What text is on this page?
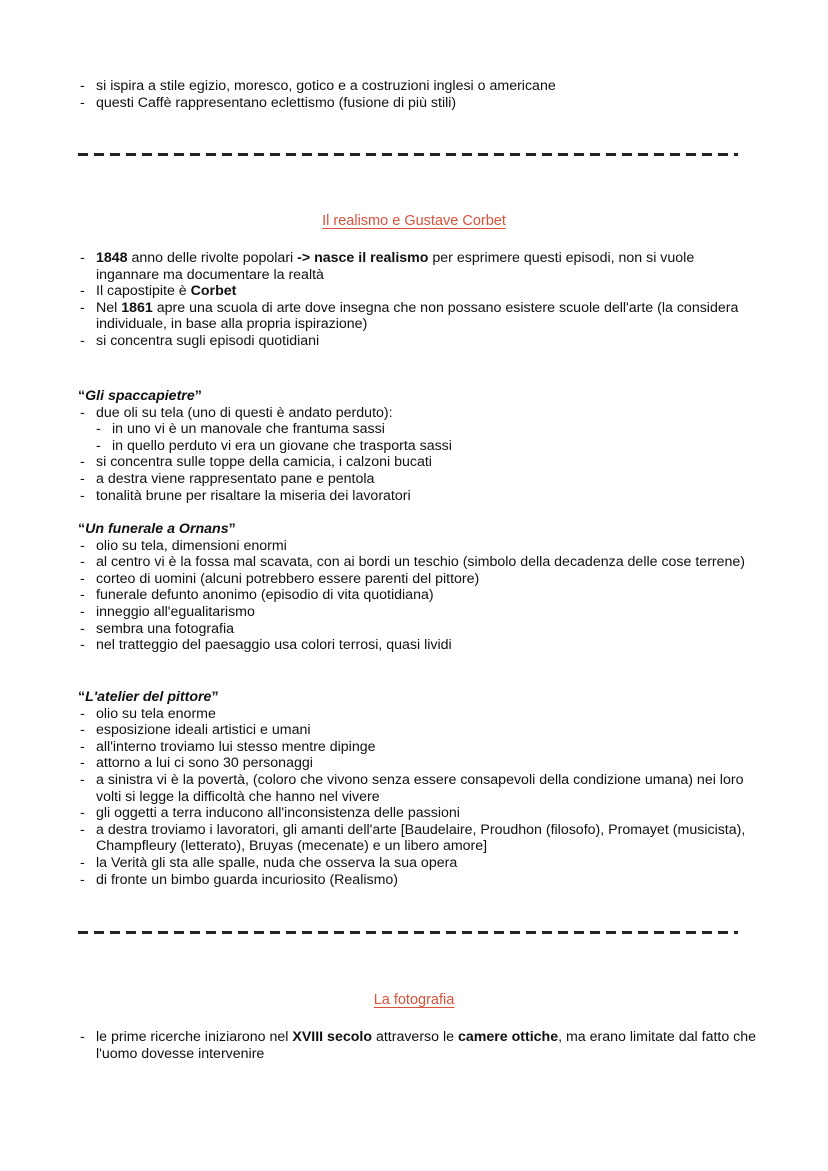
- si ispira a stile egizio, moresco, gotico e a costruzioni inglesi o americane
- questi Caffè rappresentano eclettismo (fusione di più stili)
Il realismo e Gustave Corbet
- 1848 anno delle rivolte popolari -> nasce il realismo per esprimere questi episodi, non si vuole ingannare ma documentare la realtà
- Il capostipite è Corbet
- Nel 1861 apre una scuola di arte dove insegna che non possano esistere scuole dell'arte (la considera individuale, in base alla propria ispirazione)
- si concentra sugli episodi quotidiani

“Gli spaccapietre”

- due oli su tela (uno di questi è andato perduto):
- in uno vi è un manovale che frantuma sassi
- in quello perduto vi era un giovane che trasporta sassi
- si concentra sulle toppe della camicia, i calzoni bucati
- a destra viene rappresentato pane e pentola
- tonalità brune per risaltare la miseria dei lavoratori

“Un funerale a Ornans”

- olio su tela, dimensioni enormi
- al centro vi è la fossa mal scavata, con ai bordi un teschio (simbolo della decadenza delle cose terrene)
- corteo di uomini (alcuni potrebbero essere parenti del pittore)
- funerale defunto anonimo (episodio di vita quotidiana)
- inneggio all'egualitarismo
- sembra una fotografia
- nel tratteggio del paesaggio usa colori terrosi, quasi lividi

“L'atelier del pittore”

- olio su tela enorme
- esposizione ideali artistici e umani
- all'interno troviamo lui stesso mentre dipinge
- attorno a lui ci sono 30 personaggi
- a sinistra vi è la povertà, (coloro che vivono senza essere consapevoli della condizione umana) nei loro volti si legge la difficoltà che hanno nel vivere
- gli oggetti a terra inducono all'inconsistenza delle passioni
- a destra troviamo i lavoratori, gli amanti dell'arte [Baudelaire, Proudhon (filosofo), Promayet (musicista), Champfleury (letterato), Bruyas (mecenate) e un libero amore]
- la Verità gli sta alle spalle, nuda che osserva la sua opera
- di fronte un bimbo guarda incuriosito (Realismo)
La fotografia
- le prime ricerche iniziarono nel XVIII secolo attraverso le camere ottiche, ma erano limitate dal fatto che l'uomo dovesse intervenire
